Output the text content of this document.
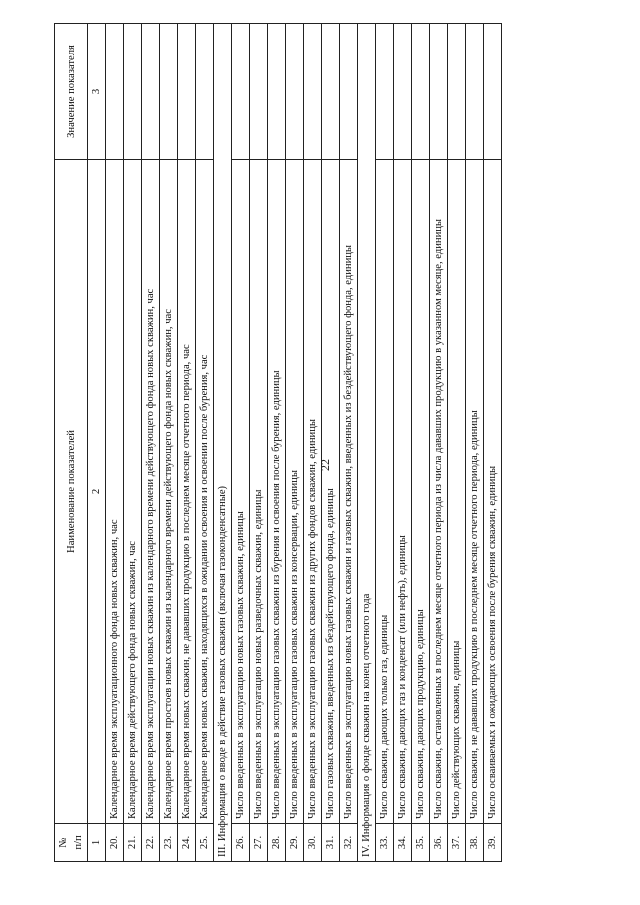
22
№
п/п	Наименование показателей	Значение показателя
1	2	3
20.	Календарное время эксплуатационного фонда новых скважин, час	
21.	Календарное время действующего фонда новых скважин, час	
22.	Календарное время эксплуатации новых скважин из календарного времени действующего фонда новых скважин, час	
23.	Календарное время простоев новых скважин из календарного времени действующего фонда новых скважин, час	
24.	Календарное время новых скважин, не дававших продукцию в последнем месяце отчетного периода, час	
25.	Календарное время новых скважин, находящихся в ожидании освоения и освоении после бурения, час	
III. Информация о вводе в действие газовых скважин (включая газоконденсатные)		
26.	Число введенных в эксплуатацию новых газовых скважин, единицы	
27.	Число введенных в эксплуатацию новых разведочных скважин, единицы	
28.	Число введенных в эксплуатацию газовых скважин из бурения и освоения после бурения, единицы	
29.	Число введенных в эксплуатацию газовых скважин из консервации, единицы	
30.	Число введенных в эксплуатацию газовых скважин из других фондов скважин, единицы	
31.	Число газовых скважин, введенных из бездействующего фонда, единицы	
32.	Число введенных в эксплуатацию новых газовых скважин и газовых скважин, введенных из бездействующего фонда, единицы	
IV. Информация о фонде скважин на конец отчетного года		
33.	Число скважин, дающих только газ, единицы	
34.	Число скважин, дающих газ и конденсат (или нефть), единицы	
35.	Число скважин, дающих продукцию, единицы	
36.	Число скважин, остановленных в последнем месяце отчетного периода из числа дававших продукцию в указанном месяце, единицы	
37.	Число действующих скважин, единицы	
38.	Число скважин, не дававших продукцию в последнем месяце отчетного периода, единицы	
39.	Число осваиваемых и ожидающих освоения после бурения скважин, единицы	
